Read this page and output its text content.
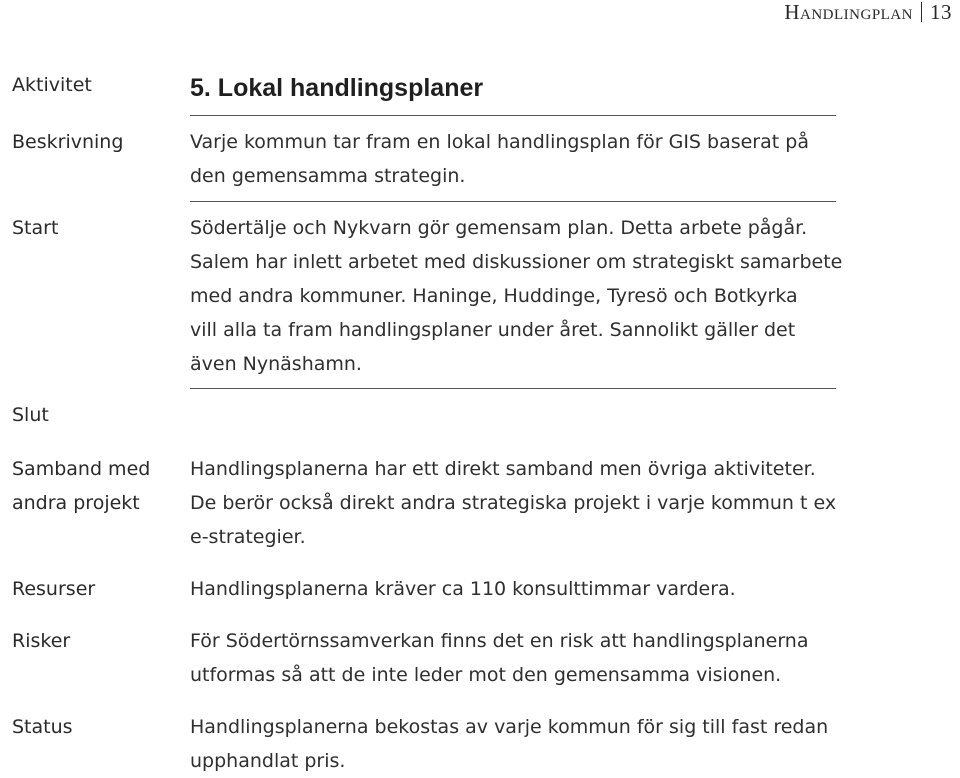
Handlingplan 13
Aktivitet
Beskrivning
Start
Slut
Samband med
andra projekt
Resurser
Risker
Status
5. Lokal handlingsplaner
Varje kommun tar fram en lokal handlingsplan för GIS baserat på
den gemensamma strategin.
Södertälje och Nykvarn gör gemensam plan. Detta arbete pågår.
Salem har inlett arbetet med diskussioner om strategiskt samarbete
med andra kommuner. Haninge, Huddinge, Tyresö och Botkyrka
vill alla ta fram handlingsplaner under året. Sannolikt gäller det
även Nynäshamn.
Handlingsplanerna har ett direkt samband men övriga aktiviteter.
De berör också direkt andra strategiska projekt i varje kommun t ex
e-strategier.
Handlingsplanerna kräver ca 110 konsulttimmar vardera.
För Södertörnssamverkan finns det en risk att handlingsplanerna
utformas så att de inte leder mot den gemensamma visionen.
Handlingsplanerna bekostas av varje kommun för sig till fast redan
upphandlat pris.
